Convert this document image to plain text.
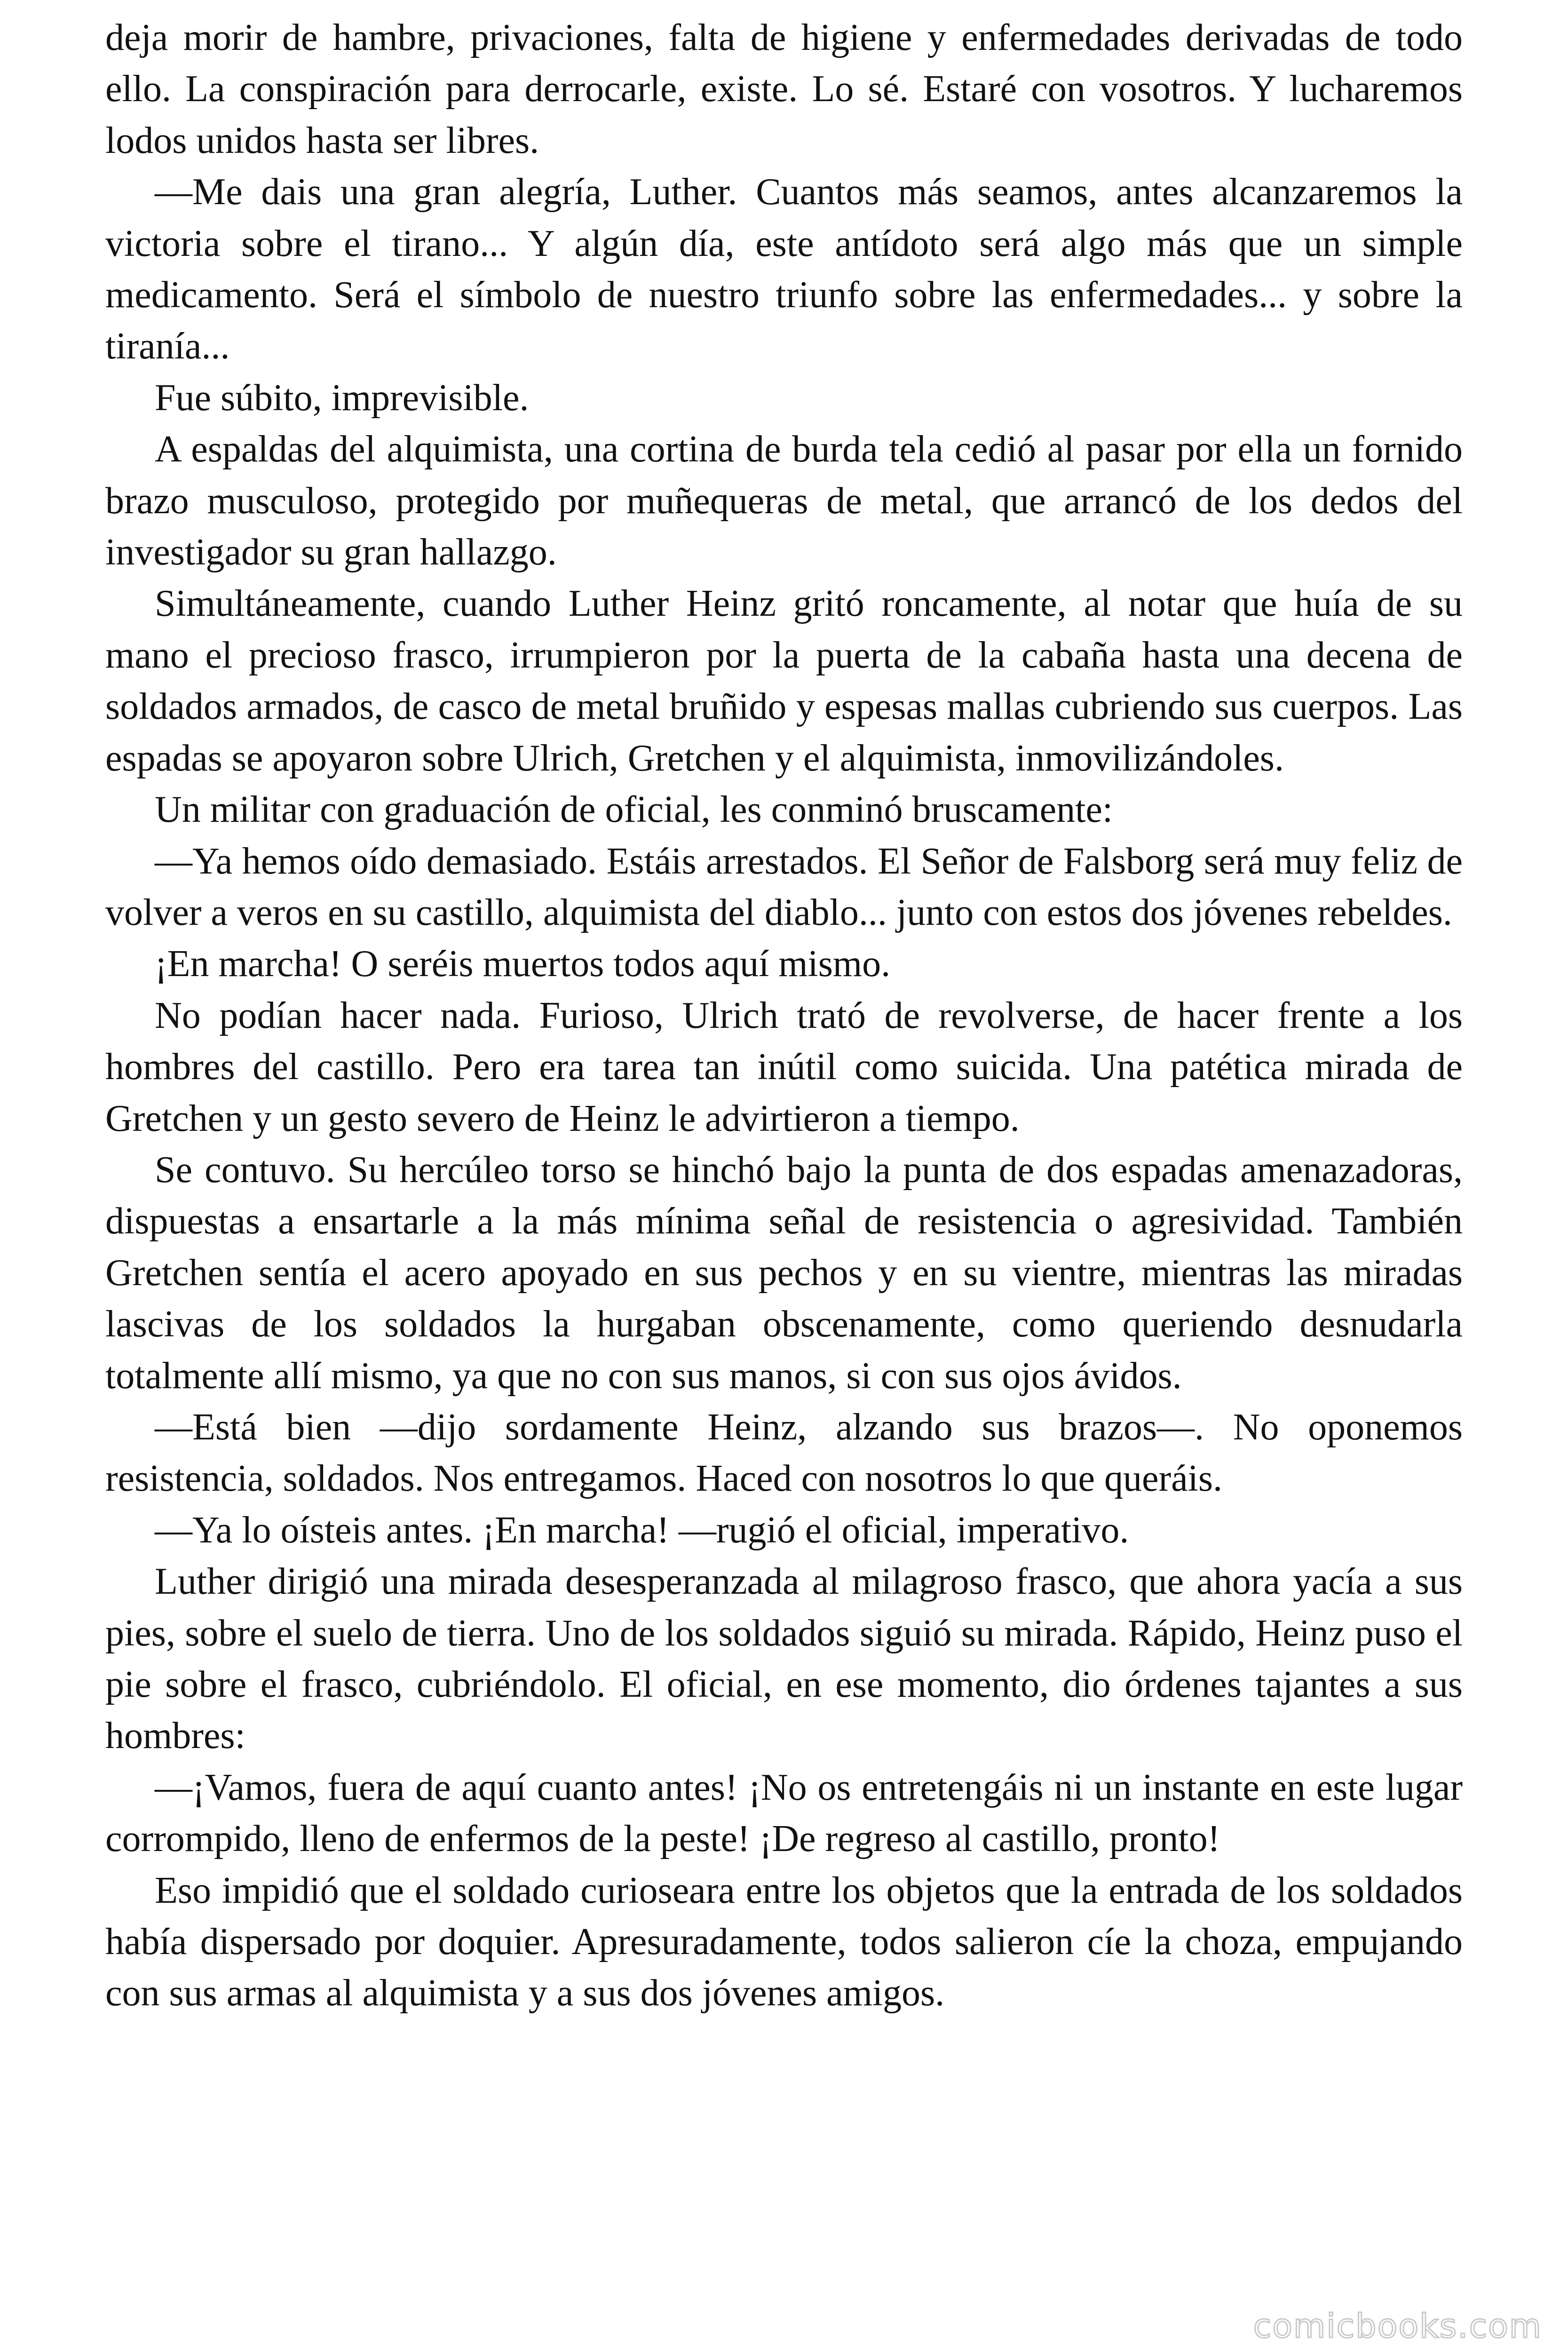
deja morir de hambre, privaciones, falta de higiene y enfermedades derivadas de todo ello. La conspiración para derrocarle, existe. Lo sé. Estaré con vosotros. Y lucharemos lodos unidos hasta ser libres.

—Me dais una gran alegría, Luther. Cuantos más seamos, antes alcanzaremos la victoria sobre el tirano... Y algún día, este antídoto será algo más que un simple medicamento. Será el símbolo de nuestro triunfo sobre las enfermedades... y sobre la tiranía...

Fue súbito, imprevisible.

A espaldas del alquimista, una cortina de burda tela cedió al pasar por ella un fornido brazo musculoso, protegido por muñequeras de metal, que arrancó de los dedos del investigador su gran hallazgo.

Simultáneamente, cuando Luther Heinz gritó roncamente, al notar que huía de su mano el precioso frasco, irrumpieron por la puerta de la cabaña hasta una decena de soldados armados, de casco de metal bruñido y espesas mallas cubriendo sus cuerpos. Las espadas se apoyaron sobre Ulrich, Gretchen y el alquimista, inmovilizándoles.

Un militar con graduación de oficial, les conminó bruscamente:

—Ya hemos oído demasiado. Estáis arrestados. El Señor de Falsborg será muy feliz de volver a veros en su castillo, alquimista del diablo... junto con estos dos jóvenes rebeldes.

¡En marcha! O seréis muertos todos aquí mismo.

No podían hacer nada. Furioso, Ulrich trató de revolverse, de hacer frente a los hombres del castillo. Pero era tarea tan inútil como suicida. Una patética mirada de Gretchen y un gesto severo de Heinz le advirtieron a tiempo.

Se contuvo. Su hercúleo torso se hinchó bajo la punta de dos espadas amenazadoras, dispuestas a ensartarle a la más mínima señal de resistencia o agresividad. También Gretchen sentía el acero apoyado en sus pechos y en su vientre, mientras las miradas lascivas de los soldados la hurgaban obscenamente, como queriendo desnudarla totalmente allí mismo, ya que no con sus manos, si con sus ojos ávidos.

—Está bien —dijo sordamente Heinz, alzando sus brazos—. No oponemos resistencia, soldados. Nos entregamos. Haced con nosotros lo que queráis.

—Ya lo oísteis antes. ¡En marcha! —rugió el oficial, imperativo.

Luther dirigió una mirada desesperanzada al milagroso frasco, que ahora yacía a sus pies, sobre el suelo de tierra. Uno de los soldados siguió su mirada. Rápido, Heinz puso el pie sobre el frasco, cubriéndolo. El oficial, en ese momento, dio órdenes tajantes a sus hombres:

—¡Vamos, fuera de aquí cuanto antes! ¡No os entretengáis ni un instante en este lugar corrompido, lleno de enfermos de la peste! ¡De regreso al castillo, pronto!

Eso impidió que el soldado curioseara entre los objetos que la entrada de los soldados había dispersado por doquier. Apresuradamente, todos salieron cíe la choza, empujando con sus armas al alquimista y a sus dos jóvenes amigos.

comicbooks.com
